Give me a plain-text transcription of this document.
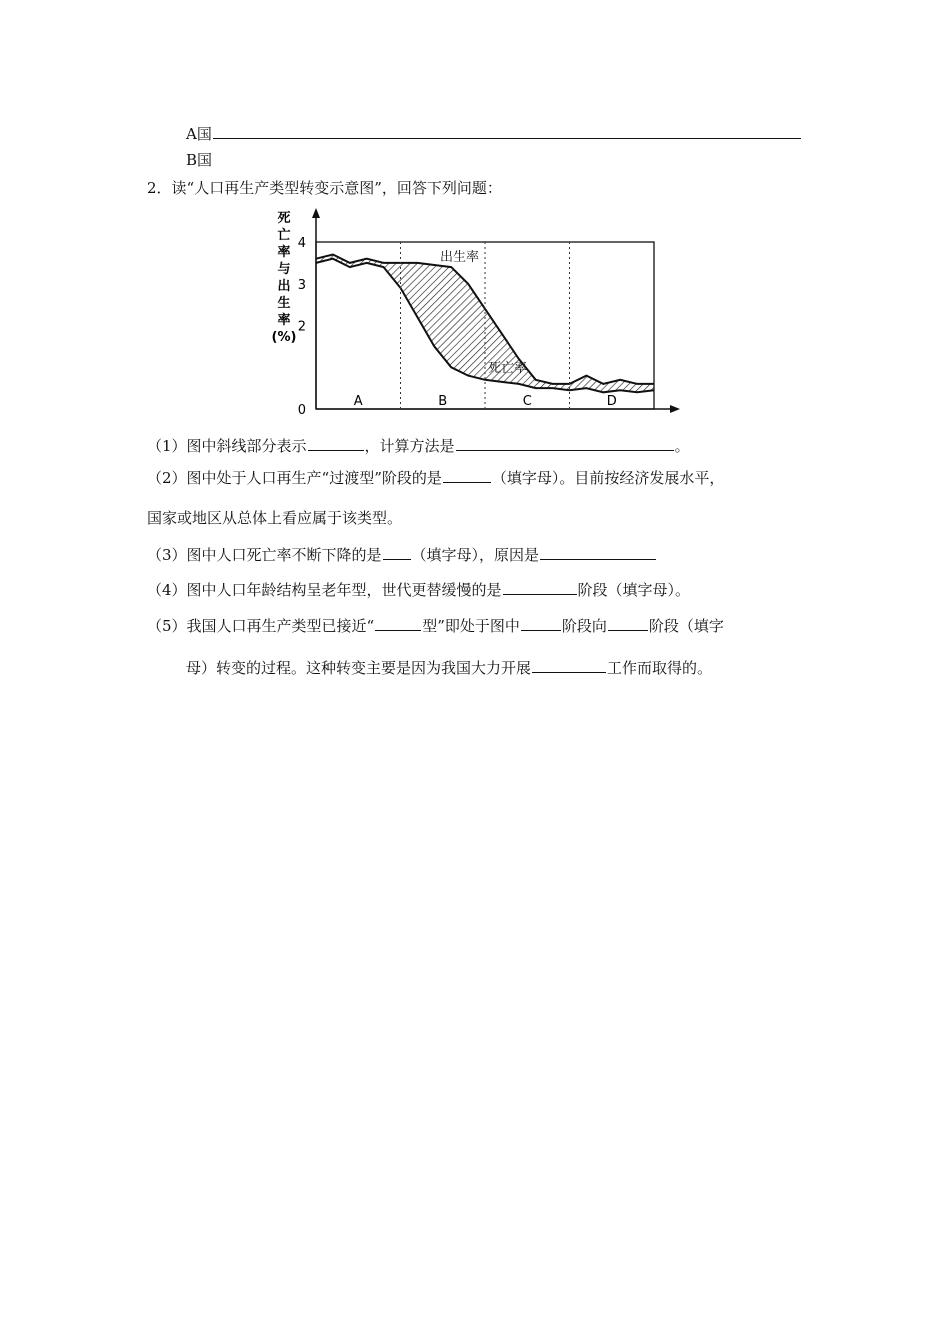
A国
B国
2．读“人口再生产类型转变示意图”，回答下列问题：
死
亡
率
与
出
生
率
(%)
0
2
3
4
A	B	C	D
出生率
死亡率
（1）图中斜线部分表示	，计算方法是	。
（2）图中处于人口再生产“过渡型”阶段的是	（填字母）。目前按经济发展水平，
国家或地区从总体上看应属于该类型。
（3）图中人口死亡率不断下降的是 （填字母），原因是
（4）图中人口年龄结构呈老年型，世代更替缓慢的是	阶段（填字母）。
（5）我国人口再生产类型已接近“	型”即处于图中	阶段向	阶段（填字
母）转变的过程。这种转变主要是因为我国大力开展	工作而取得的。
